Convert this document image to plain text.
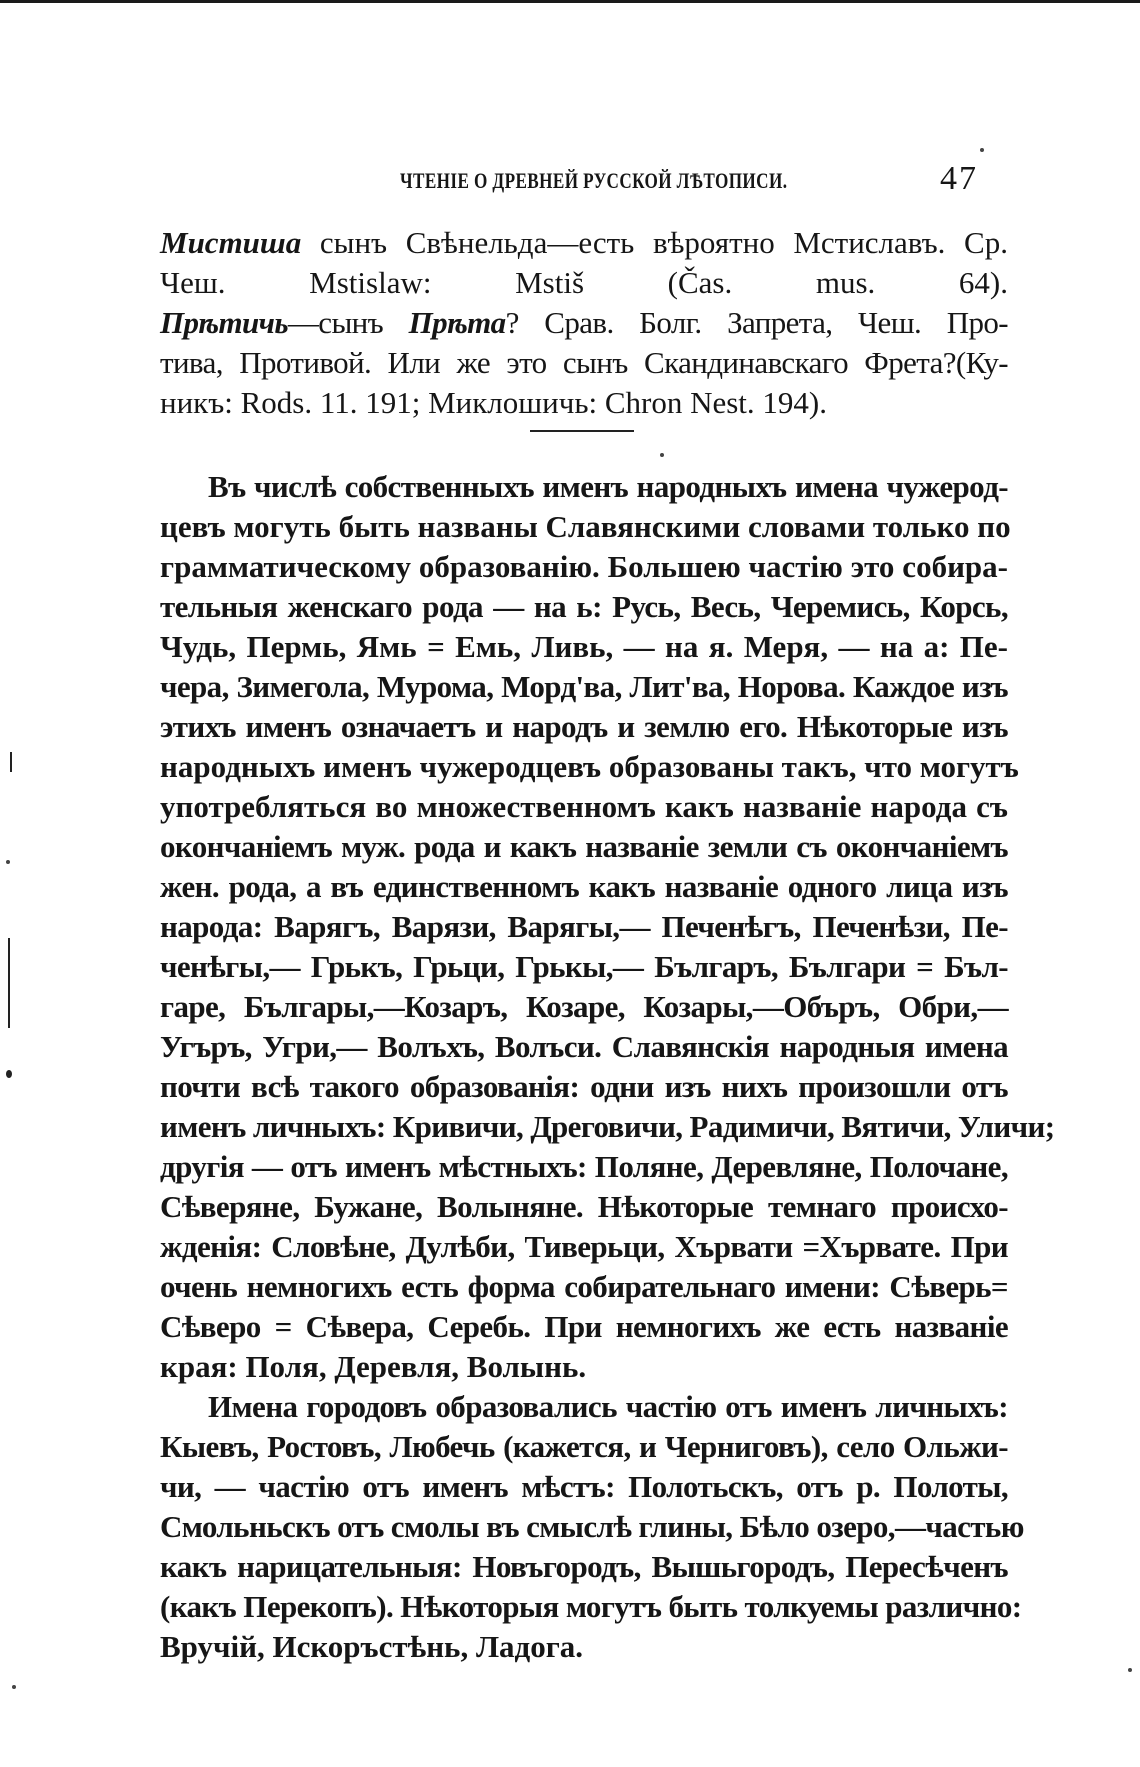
ЧТЕНІЕ О ДРЕВНЕЙ РУССКОЙ ЛѢТОПИСИ.	47
Мистиша сынъ Свѣнельда—есть вѣроятно Мстиславъ. Ср.
Чеш. Mstislaw: Mstiš (Čas. mus. 64).
Прѣтичь—сынъ Прѣта? Срав. Болг. Запрета, Чеш. Про-
тива, Противой. Или же это сынъ Скандинавскаго Фрета?(Ку-
никъ: Rods. 11. 191; Миклошичь: Chron Nest. 194).
Въ числѣ собственныхъ именъ народныхъ имена чужерод-
цевъ могуть быть названы Славянскими словами только по
грамматическому образованію. Большею частію это собира-
тельныя женскаго рода — на ь: Русь, Весь, Черемись, Корсь,
Чудь, Пермь, Ямь = Емь, Ливь, — на я. Меря, — на а: Пе-
чера, Зимегола, Мурома, Морд'ва, Лит'ва, Норова. Каждое изъ
этихъ именъ означаетъ и народъ и землю его. Нѣкоторые изъ
народныхъ именъ чужеродцевъ образованы такъ, что могутъ
употребляться во множественномъ какъ названіе народа съ
окончаніемъ муж. рода и какъ названіе земли съ окончаніемъ
жен. рода, а въ единственномъ какъ названіе одного лица изъ
народа: Варягъ, Варязи, Варягы,— Печенѣгъ, Печенѣзи, Пе-
ченѣгы,— Грькъ, Грьци, Грькы,— Българъ, Българи = Бъл-
гаре, Българы,—Козаръ, Козаре, Козары,—Объръ, Обри,—
Угъръ, Угри,— Волъхъ, Волъси. Славянскія народныя имена
почти всѣ такого образованія: одни изъ нихъ произошли отъ
именъ личныхъ: Кривичи, Дреговичи, Радимичи, Вятичи, Уличи;
другія — отъ именъ мѣстныхъ: Поляне, Деревляне, Полочане,
Сѣверяне, Бужане, Волыняне. Нѣкоторые темнаго происхо-
жденія: Словѣне, Дулѣби, Тиверьци, Хървати =Хървате. При
очень немногихъ есть форма собирательнаго имени: Сѣверь=
Сѣверо = Сѣвера, Серебь. При немногихъ же есть названіе
края: Поля, Деревля, Волынь.
Имена городовъ образовались частію отъ именъ личныхъ:
Кыевъ, Ростовъ, Любечь (кажется, и Черниговъ), село Ольжи-
чи, — частію отъ именъ мѣстъ: Полотьскъ, отъ р. Полоты,
Смольньскъ отъ смолы въ смыслѣ глины, Бѣло озеро,—частью
какъ нарицательныя: Новъгородъ, Вышьгородъ, Пересѣченъ
(какъ Перекопъ). Нѣкоторыя могутъ быть толкуемы различно:
Вручій, Искоръстѣнь, Ладога.
